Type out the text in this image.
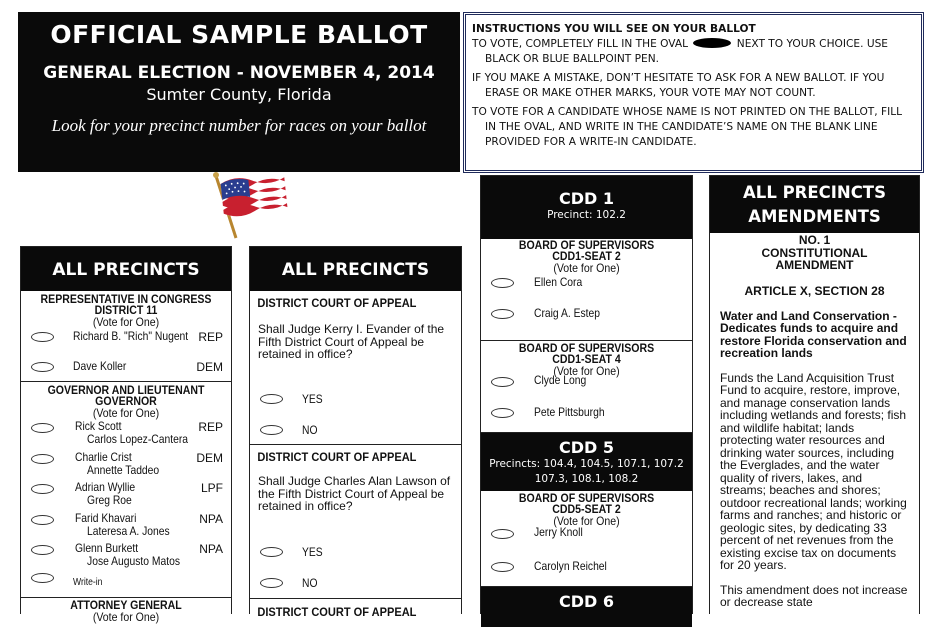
OFFICIAL SAMPLE BALLOT
GENERAL ELECTION - NOVEMBER 4, 2014
Sumter County, Florida
Look for your precinct number for races on your ballot
INSTRUCTIONS YOU WILL SEE ON YOUR BALLOT

TO VOTE, COMPLETELY FILL IN THE OVAL	NEXT TO YOUR CHOICE. USE BLACK OR BLUE BALLPOINT PEN.

IF YOU MAKE A MISTAKE, DON’T HESITATE TO ASK FOR A NEW BALLOT. IF YOU ERASE OR MAKE OTHER MARKS, YOUR VOTE MAY NOT COUNT.

TO VOTE FOR A CANDIDATE WHOSE NAME IS NOT PRINTED ON THE BALLOT, FILL IN THE OVAL, AND WRITE IN THE CANDIDATE’S NAME ON THE BLANK LINE PROVIDED FOR A WRITE-IN CANDIDATE.

ALL PRECINCTS
REPRESENTATIVE IN CONGRESS
DISTRICT 11
(Vote for One)
Richard B. "Rich" Nugent REP
Dave Koller	DEM
GOVERNOR AND LIEUTENANT
GOVERNOR
(Vote for One)
Rick Scott
Carlos Lopez-Cantera
REP
Charlie Crist
Annette Taddeo
DEM
Adrian Wyllie
Greg Roe
LPF
Farid Khavari
Lateresa A. Jones
NPA
Glenn Burkett
Jose Augusto Matos
NPA
Write-in
ATTORNEY GENERAL
(Vote for One)
ALL PRECINCTS
DISTRICT COURT OF APPEAL
Shall Judge Kerry I. Evander of the Fifth District Court of Appeal be retained in office?
YES
NO
DISTRICT COURT OF APPEAL
Shall Judge Charles Alan Lawson of the Fifth District Court of Appeal be retained in office?
YES
NO
DISTRICT COURT OF APPEAL
CDD 1
Precinct: 102.2
BOARD OF SUPERVISORS
CDD1-SEAT 2
(Vote for One)
Ellen Cora
Craig A. Estep
BOARD OF SUPERVISORS
CDD1-SEAT 4
(Vote for One)
Clyde Long
Pete Pittsburgh
CDD 5
Precincts: 104.4, 104.5, 107.1, 107.2
107.3, 108.1, 108.2
BOARD OF SUPERVISORS
CDD5-SEAT 2
(Vote for One)
Jerry Knoll
Carolyn Reichel
CDD 6
ALL PRECINCTS
AMENDMENTS
NO. 1
CONSTITUTIONAL
AMENDMENT
ARTICLE X, SECTION 28
Water and Land Conservation - Dedicates funds to acquire and restore Florida conservation and recreation lands
Funds the Land Acquisition Trust Fund to acquire, restore, improve, and manage conservation lands including wetlands and forests; fish and wildlife habitat; lands protecting water resources and drinking water sources, including the Everglades, and the water quality of rivers, lakes, and streams; beaches and shores; outdoor recreational lands; working farms and ranches; and historic or geologic sites, by dedicating 33 percent of net revenues from the existing excise tax on documents for 20 years.
This amendment does not increase or decrease state
